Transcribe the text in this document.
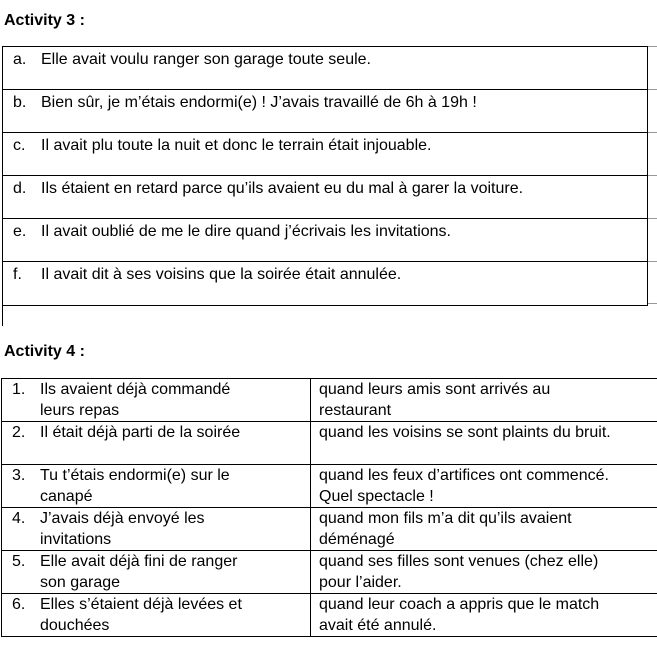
Activity 3 :
a. Elle avait voulu ranger son garage toute seule.
b. Bien sûr, je m’étais endormi(e) ! J’avais travaillé de 6h à 19h !
c. Il avait plu toute la nuit et donc le terrain était injouable.
d. Ils étaient en retard parce qu’ils avaient eu du mal à garer la voiture.
e. Il avait oublié de me le dire quand j’écrivais les invitations.
f. Il avait dit à ses voisins que la soirée était annulée.
Activity 4 :
1. Ils avaient déjà commandé
leurs repas
quand leurs amis sont arrivés au
restaurant
2. Il était déjà parti de la soirée	quand les voisins se sont plaints du bruit.
3. Tu t’étais endormi(e) sur le
canapé
quand les feux d’artifices ont commencé.
Quel spectacle !
4. J’avais déjà envoyé les
invitations
quand mon fils m’a dit qu’ils avaient
déménagé
5. Elle avait déjà fini de ranger
son garage
quand ses filles sont venues (chez elle)
pour l’aider.
6. Elles s’étaient déjà levées et
douchées
quand leur coach a appris que le match
avait été annulé.
